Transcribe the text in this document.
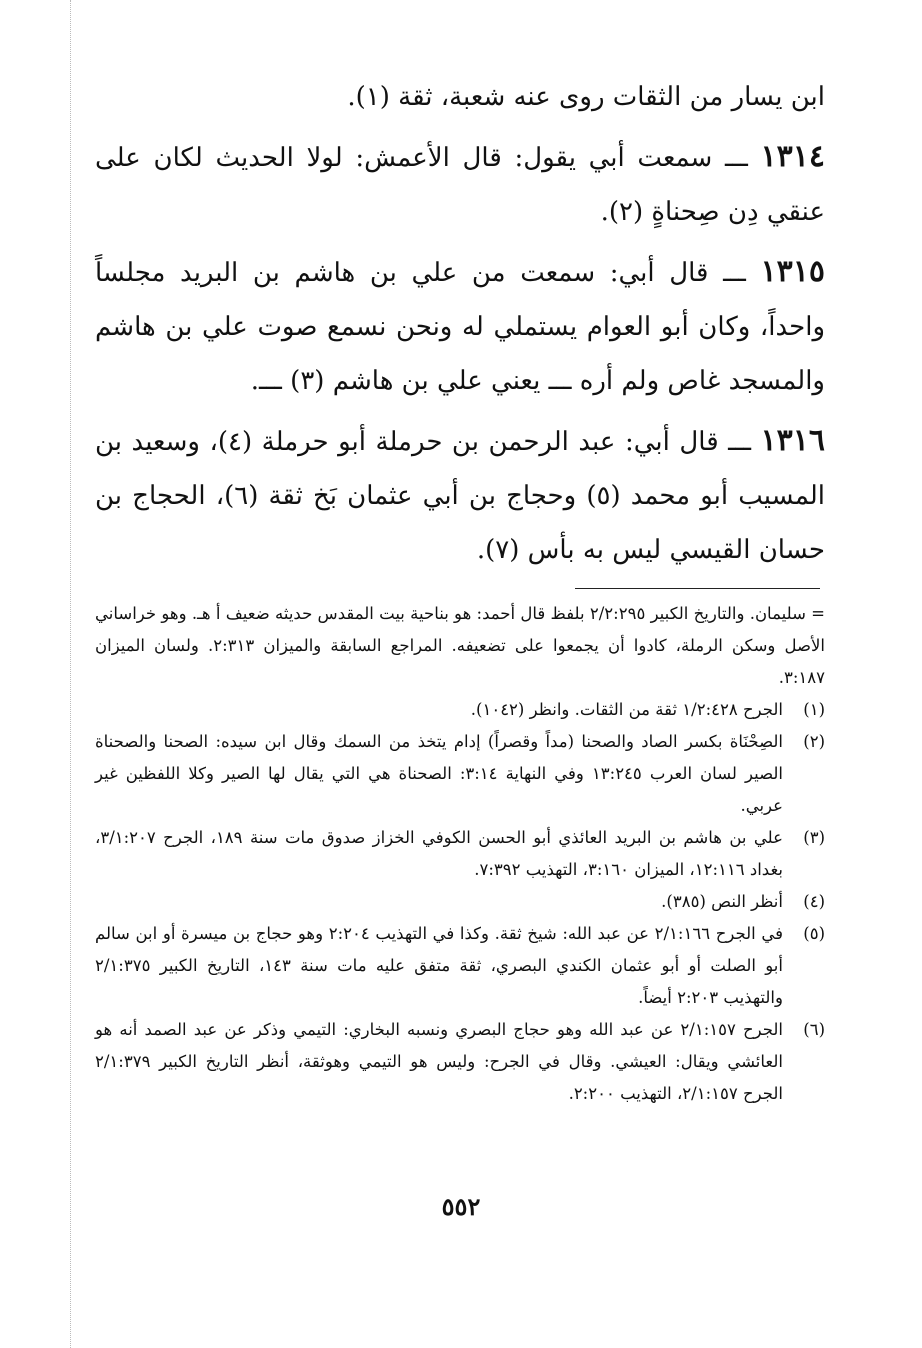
ابن يسار من الثقات روى عنه شعبة، ثقة (١).

١٣١٤ ـــ سمعت أبي يقول: قال الأعمش: لولا الحديث لكان على عنقي دِن صِحناةٍ (٢).

١٣١٥ ـــ قال أبي: سمعت من علي بن هاشم بن البريد مجلساً واحداً، وكان أبو العوام يستملي له ونحن نسمع صوت علي بن هاشم والمسجد غاص ولم أره ـــ يعني علي بن هاشم (٣) ـــ.

١٣١٦ ـــ قال أبي: عبد الرحمن بن حرملة أبو حرملة (٤)، وسعيد بن المسيب أبو محمد (٥) وحجاج بن أبي عثمان بَخ ثقة (٦)، الحجاج بن حسان القيسي ليس به بأس (٧).

= سليمان. والتاريخ الكبير ٢/٢:٢٩٥ بلفظ قال أحمد: هو بناحية بيت المقدس حديثه ضعيف أ هـ. وهو خراساني الأصل وسكن الرملة، كادوا أن يجمعوا على تضعيفه. المراجع السابقة والميزان ٢:٣١٣. ولسان الميزان ٣:١٨٧.
(١)
الجرح ١/٢:٤٢٨ ثقة من الثقات. وانظر (١٠٤٢).
(٢)
الصِحْنَاة بكسر الصاد والصحنا (مداً وقصراً) إدام يتخذ من السمك وقال ابن سيده: الصحنا والصحناة الصير لسان العرب ١٣:٢٤٥ وفي النهاية ٣:١٤: الصحناة هي التي يقال لها الصير وكلا اللفظين غير عربي.
(٣)
علي بن هاشم بن البريد العائذي أبو الحسن الكوفي الخزاز صدوق مات سنة ١٨٩، الجرح ٣/١:٢٠٧، بغداد ١٢:١١٦، الميزان ٣:١٦٠، التهذيب ٧:٣٩٢.
(٤)
أنظر النص (٣٨٥).
(٥)
في الجرح ٢/١:١٦٦ عن عبد الله: شيخ ثقة. وكذا في التهذيب ٢:٢٠٤ وهو حجاج بن ميسرة أو ابن سالم أبو الصلت أو أبو عثمان الكندي البصري، ثقة متفق عليه مات سنة ١٤٣، التاريخ الكبير ٢/١:٣٧٥ والتهذيب ٢:٢٠٣ أيضاً.
(٦)
الجرح ٢/١:١٥٧ عن عبد الله وهو حجاج البصري ونسبه البخاري: التيمي وذكر عن عبد الصمد أنه هو العائشي ويقال: العيشي. وقال في الجرح: وليس هو التيمي وهوثقة، أنظر التاريخ الكبير ٢/١:٣٧٩ الجرح ٢/١:١٥٧، التهذيب ٢:٢٠٠.
٥٥٢
